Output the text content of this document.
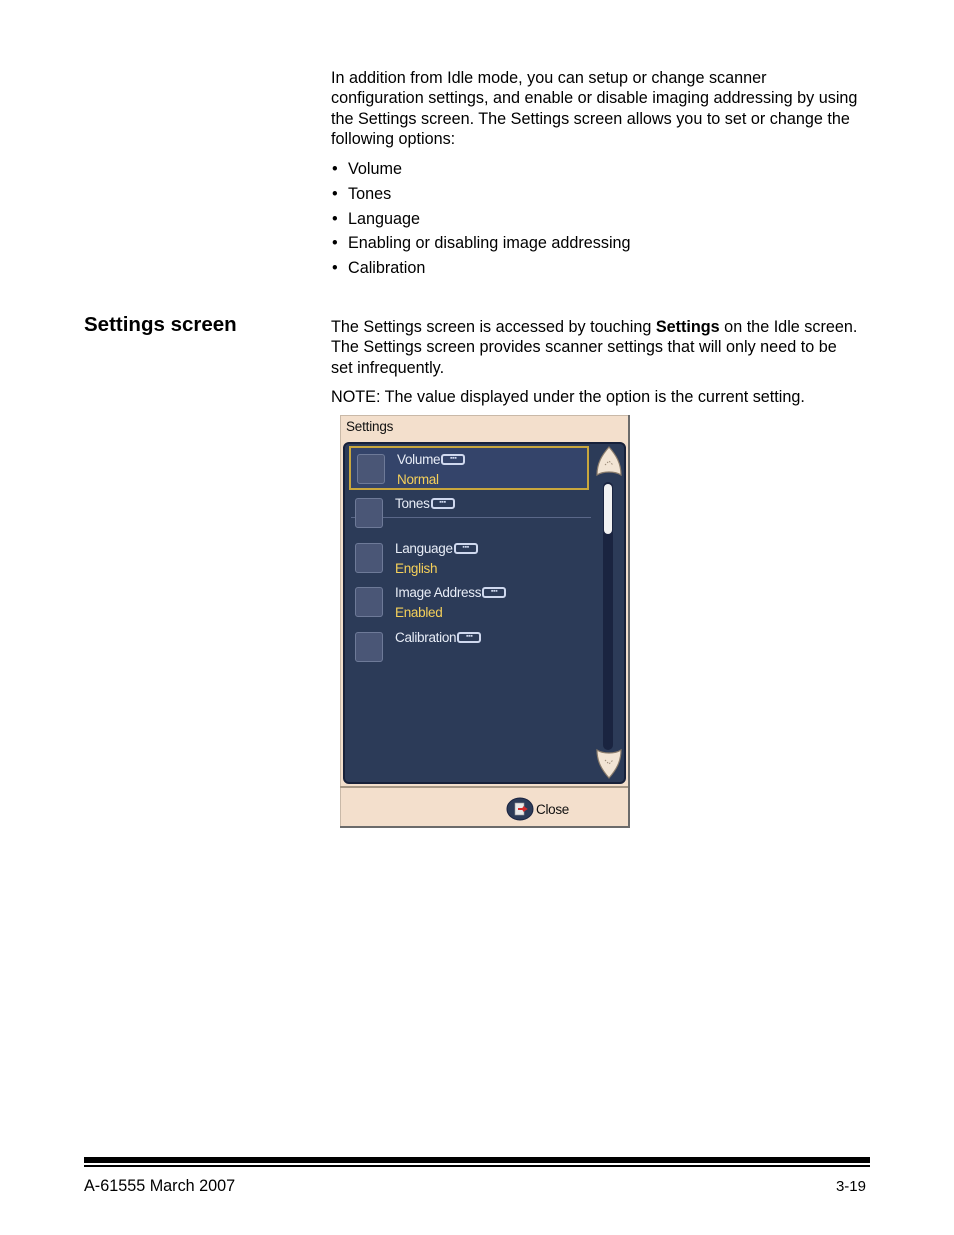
In addition from Idle mode, you can setup or change scanner configuration settings, and enable or disable imaging addressing by using the Settings screen. The Settings screen allows you to set or change the following options:

• Volume
• Tones
• Language
• Enabling or disabling image addressing
• Calibration
Settings screen	The Settings screen is accessed by touching Settings on the Idle screen. The Settings screen provides scanner settings that will only need to be set infrequently.

NOTE: The value displayed under the option is the current setting.

Settings
Volume ▪▪▪
Normal
Tones ▪▪▪
Language ▪▪▪
English
Image Address ▪▪▪
Enabled
Calibration ▪▪▪
Close
A-61555 March 2007	3-19
